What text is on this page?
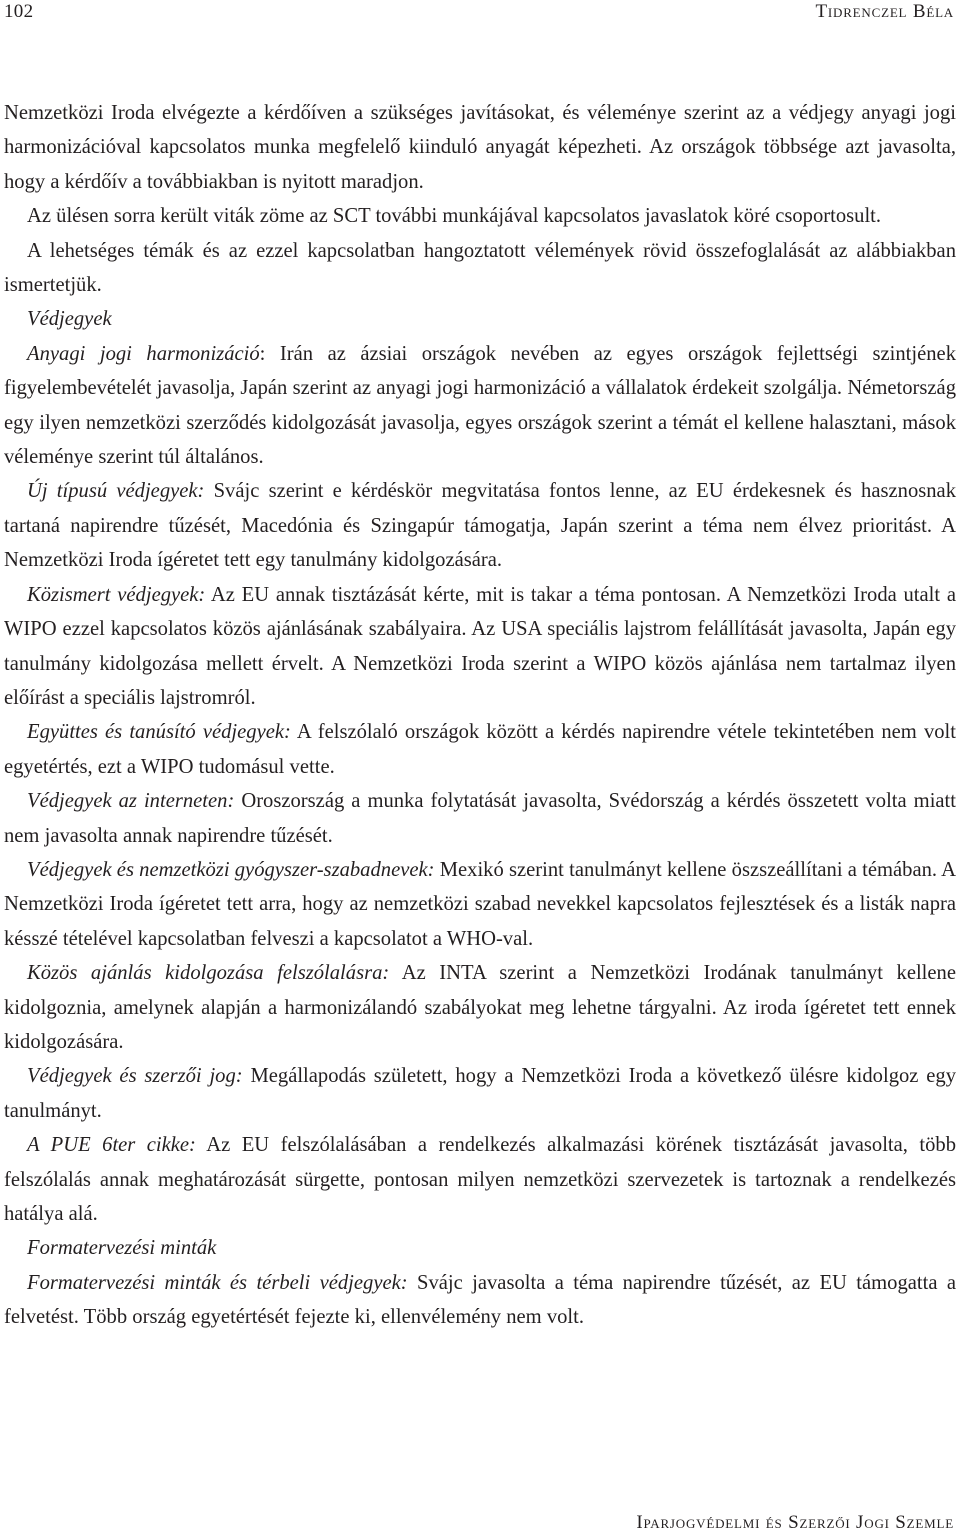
102	Tidrenczel Béla

Nemzetközi Iroda elvégezte a kérdőíven a szükséges javításokat, és véleménye szerint az a védjegy anyagi jogi harmonizációval kapcsolatos munka megfelelő kiinduló anyagát képezheti. Az országok többsége azt javasolta, hogy a kérdőív a továbbiakban is nyitott maradjon.

Az ülésen sorra került viták zöme az SCT további munkájával kapcsolatos javaslatok köré csoportosult.

A lehetséges témák és az ezzel kapcsolatban hangoztatott vélemények rövid összefoglalását az alábbiakban ismertetjük.

Védjegyek

Anyagi jogi harmonizáció: Irán az ázsiai országok nevében az egyes országok fejlettségi szintjének figyelembevételét javasolja, Japán szerint az anyagi jogi harmonizáció a vállalatok érdekeit szolgálja. Németország egy ilyen nemzetközi szerződés kidolgozását javasolja, egyes országok szerint a témát el kellene halasztani, mások véleménye szerint túl általános.

Új típusú védjegyek: Svájc szerint e kérdéskör megvitatása fontos lenne, az EU érdekesnek és hasznosnak tartaná napirendre tűzését, Macedónia és Szingapúr támogatja, Japán szerint a téma nem élvez prioritást. A Nemzetközi Iroda ígéretet tett egy tanulmány kidolgozására.

Közismert védjegyek: Az EU annak tisztázását kérte, mit is takar a téma pontosan. A Nemzetközi Iroda utalt a WIPO ezzel kapcsolatos közös ajánlásának szabályaira. Az USA speciális lajstrom felállítását javasolta, Japán egy tanulmány kidolgozása mellett érvelt. A Nemzetközi Iroda szerint a WIPO közös ajánlása nem tartalmaz ilyen előírást a speciális lajstromról.

Együttes és tanúsító védjegyek: A felszólaló országok között a kérdés napirendre vétele tekintetében nem volt egyetértés, ezt a WIPO tudomásul vette.

Védjegyek az interneten: Oroszország a munka folytatását javasolta, Svédország a kérdés összetett volta miatt nem javasolta annak napirendre tűzését.

Védjegyek és nemzetközi gyógyszer-szabadnevek: Mexikó szerint tanulmányt kellene öszszeállítani a témában. A Nemzetközi Iroda ígéretet tett arra, hogy az nemzetközi szabad nevekkel kapcsolatos fejlesztések és a listák napra késszé tételével kapcsolatban felveszi a kapcsolatot a WHO-val.

Közös ajánlás kidolgozása felszólalásra: Az INTA szerint a Nemzetközi Irodának tanulmányt kellene kidolgoznia, amelynek alapján a harmonizálandó szabályokat meg lehetne tárgyalni. Az iroda ígéretet tett ennek kidolgozására.

Védjegyek és szerzői jog: Megállapodás született, hogy a Nemzetközi Iroda a következő ülésre kidolgoz egy tanulmányt.

A PUE 6ter cikke: Az EU felszólalásában a rendelkezés alkalmazási körének tisztázását javasolta, több felszólalás annak meghatározását sürgette, pontosan milyen nemzetközi szervezetek is tartoznak a rendelkezés hatálya alá.

Formatervezési minták

Formatervezési minták és térbeli védjegyek: Svájc javasolta a téma napirendre tűzését, az EU támogatta a felvetést. Több ország egyetértését fejezte ki, ellenvélemény nem volt.

Iparjogvédelmi és Szerzői Jogi Szemle
